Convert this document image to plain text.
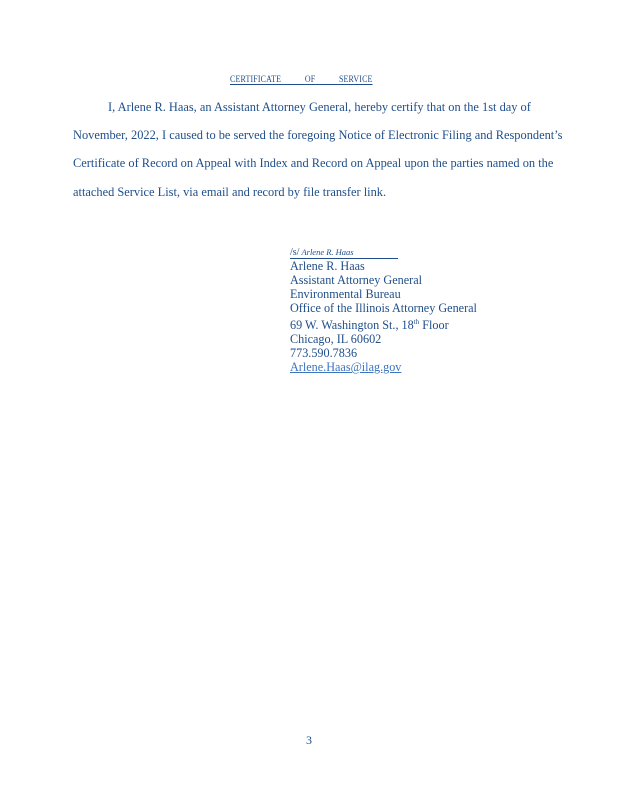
CERTIFICATE	OF	SERVICE
I, Arlene R. Haas, an Assistant Attorney General, hereby certify that on the 1st day of
November, 2022, I caused to be served the foregoing Notice of Electronic Filing and Respondent’s
Certificate of Record on Appeal with Index and Record on Appeal upon the parties named on the
attached Service List, via email and record by file transfer link.
/s/ Arlene R. Haas
Arlene R. Haas
Assistant Attorney General
Environmental Bureau
Office of the Illinois Attorney General
69 W. Washington St., 18th Floor
Chicago, IL 60602
773.590.7836
Arlene.Haas@ilag.gov
3
